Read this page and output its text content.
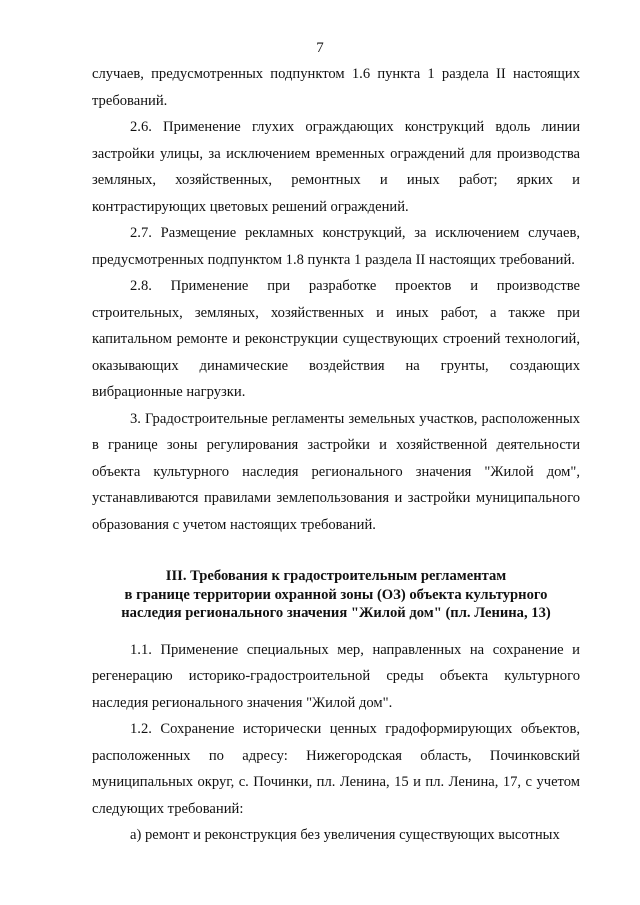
7

случаев, предусмотренных подпунктом 1.6 пункта 1 раздела II настоящих требований.

2.6. Применение глухих ограждающих конструкций вдоль линии застройки улицы, за исключением временных ограждений для производства земляных, хозяйственных, ремонтных и иных работ; ярких и контрастирующих цветовых решений ограждений.

2.7. Размещение рекламных конструкций, за исключением случаев, предусмотренных подпунктом 1.8 пункта 1 раздела II настоящих требований.

2.8. Применение при разработке проектов и производстве строительных, земляных, хозяйственных и иных работ, а также при капитальном ремонте и реконструкции существующих строений технологий, оказывающих динамические воздействия на грунты, создающих вибрационные нагрузки.

3. Градостроительные регламенты земельных участков, расположенных в границе зоны регулирования застройки и хозяйственной деятельности объекта культурного наследия регионального значения "Жилой дом", устанавливаются правилами землепользования и застройки муниципального образования с учетом настоящих требований.

III. Требования к градостроительным регламентам
в границе территории охранной зоны (ОЗ) объекта культурного
наследия регионального значения "Жилой дом" (пл. Ленина, 13)

1.1. Применение специальных мер, направленных на сохранение и регенерацию историко-градостроительной среды объекта культурного наследия регионального значения "Жилой дом".

1.2. Сохранение исторически ценных градоформирующих объектов, расположенных по адресу: Нижегородская область, Починковский муниципальных округ, с. Починки, пл. Ленина, 15 и пл. Ленина, 17, с учетом следующих требований:

а) ремонт и реконструкция без увеличения существующих высотных
